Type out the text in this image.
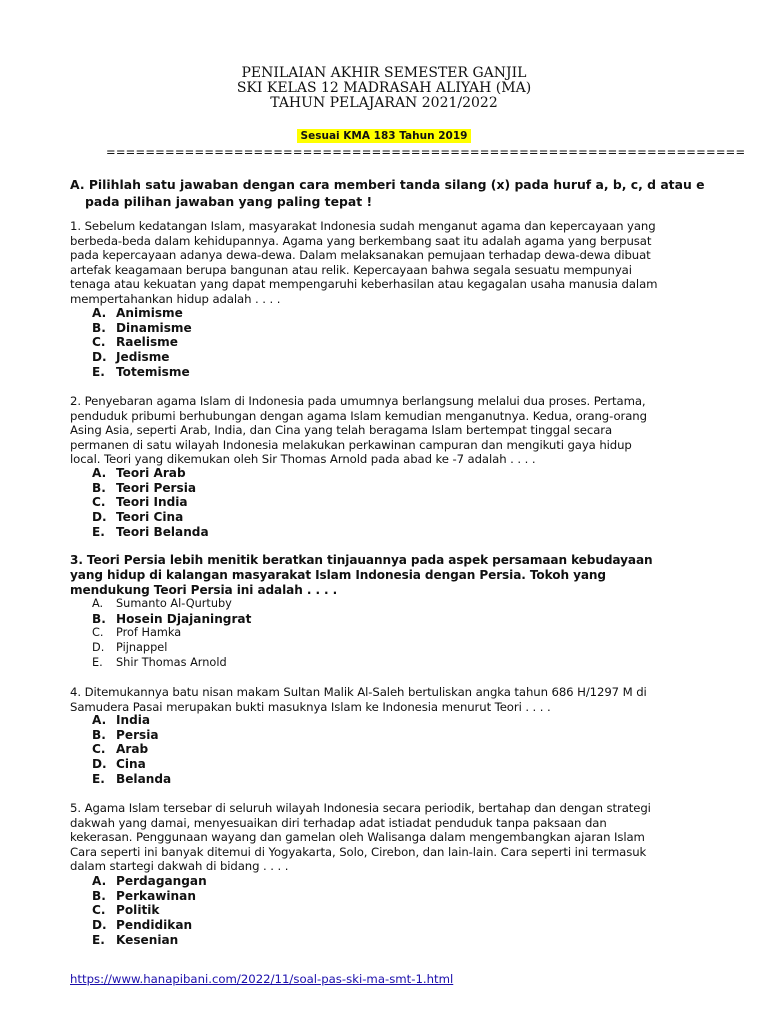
PENILAIAN AKHIR SEMESTER GANJIL
SKI KELAS 12 MADRASAH ALIYAH (MA)
TAHUN PELAJARAN 2021/2022
Sesuai KMA 183 Tahun 2019
=================================================================
A. Pilihlah satu jawaban dengan cara memberi tanda silang (x) pada huruf a, b, c, d atau e
pada pilihan jawaban yang paling tepat !
1. Sebelum kedatangan Islam, masyarakat Indonesia sudah menganut agama dan kepercayaan yang
berbeda-beda dalam kehidupannya. Agama yang berkembang saat itu adalah agama yang berpusat
pada kepercayaan adanya dewa-dewa. Dalam melaksanakan pemujaan terhadap dewa-dewa dibuat
artefak keagamaan berupa bangunan atau relik. Kepercayaan bahwa segala sesuatu mempunyai
tenaga atau kekuatan yang dapat mempengaruhi keberhasilan atau kegagalan usaha manusia dalam
mempertahankan hidup adalah . . . .
A. Animisme
B. Dinamisme
C. Raelisme
D. Jedisme
E. Totemisme
2. Penyebaran agama Islam di Indonesia pada umumnya berlangsung melalui dua proses. Pertama,
penduduk pribumi berhubungan dengan agama Islam kemudian menganutnya. Kedua, orang-orang
Asing Asia, seperti Arab, India, dan Cina yang telah beragama Islam bertempat tinggal secara
permanen di satu wilayah Indonesia melakukan perkawinan campuran dan mengikuti gaya hidup
local. Teori yang dikemukan oleh Sir Thomas Arnold pada abad ke -7 adalah . . . .
A. Teori Arab
B. Teori Persia
C. Teori India
D. Teori Cina
E. Teori Belanda
3. Teori Persia lebih menitik beratkan tinjauannya pada aspek persamaan kebudayaan
yang hidup di kalangan masyarakat Islam Indonesia dengan Persia. Tokoh yang
mendukung Teori Persia ini adalah . . . .
A.	Sumanto Al-Qurtuby
B. Hosein Djajaningrat
C.	Prof Hamka
D.	Pijnappel
E.	Shir Thomas Arnold
4. Ditemukannya batu nisan makam Sultan Malik Al-Saleh bertuliskan angka tahun 686 H/1297 M di
Samudera Pasai merupakan bukti masuknya Islam ke Indonesia menurut Teori . . . .
A. India
B. Persia
C. Arab
D. Cina
E. Belanda
5. Agama Islam tersebar di seluruh wilayah Indonesia secara periodik, bertahap dan dengan strategi
dakwah yang damai, menyesuaikan diri terhadap adat istiadat penduduk tanpa paksaan dan
kekerasan. Penggunaan wayang dan gamelan oleh Walisanga dalam mengembangkan ajaran Islam
Cara seperti ini banyak ditemui di Yogyakarta, Solo, Cirebon, dan lain-lain. Cara seperti ini termasuk
dalam startegi dakwah di bidang . . . .
A. Perdagangan
B. Perkawinan
C. Politik
D. Pendidikan
E. Kesenian
https://www.hanapibani.com/2022/11/soal-pas-ski-ma-smt-1.html
